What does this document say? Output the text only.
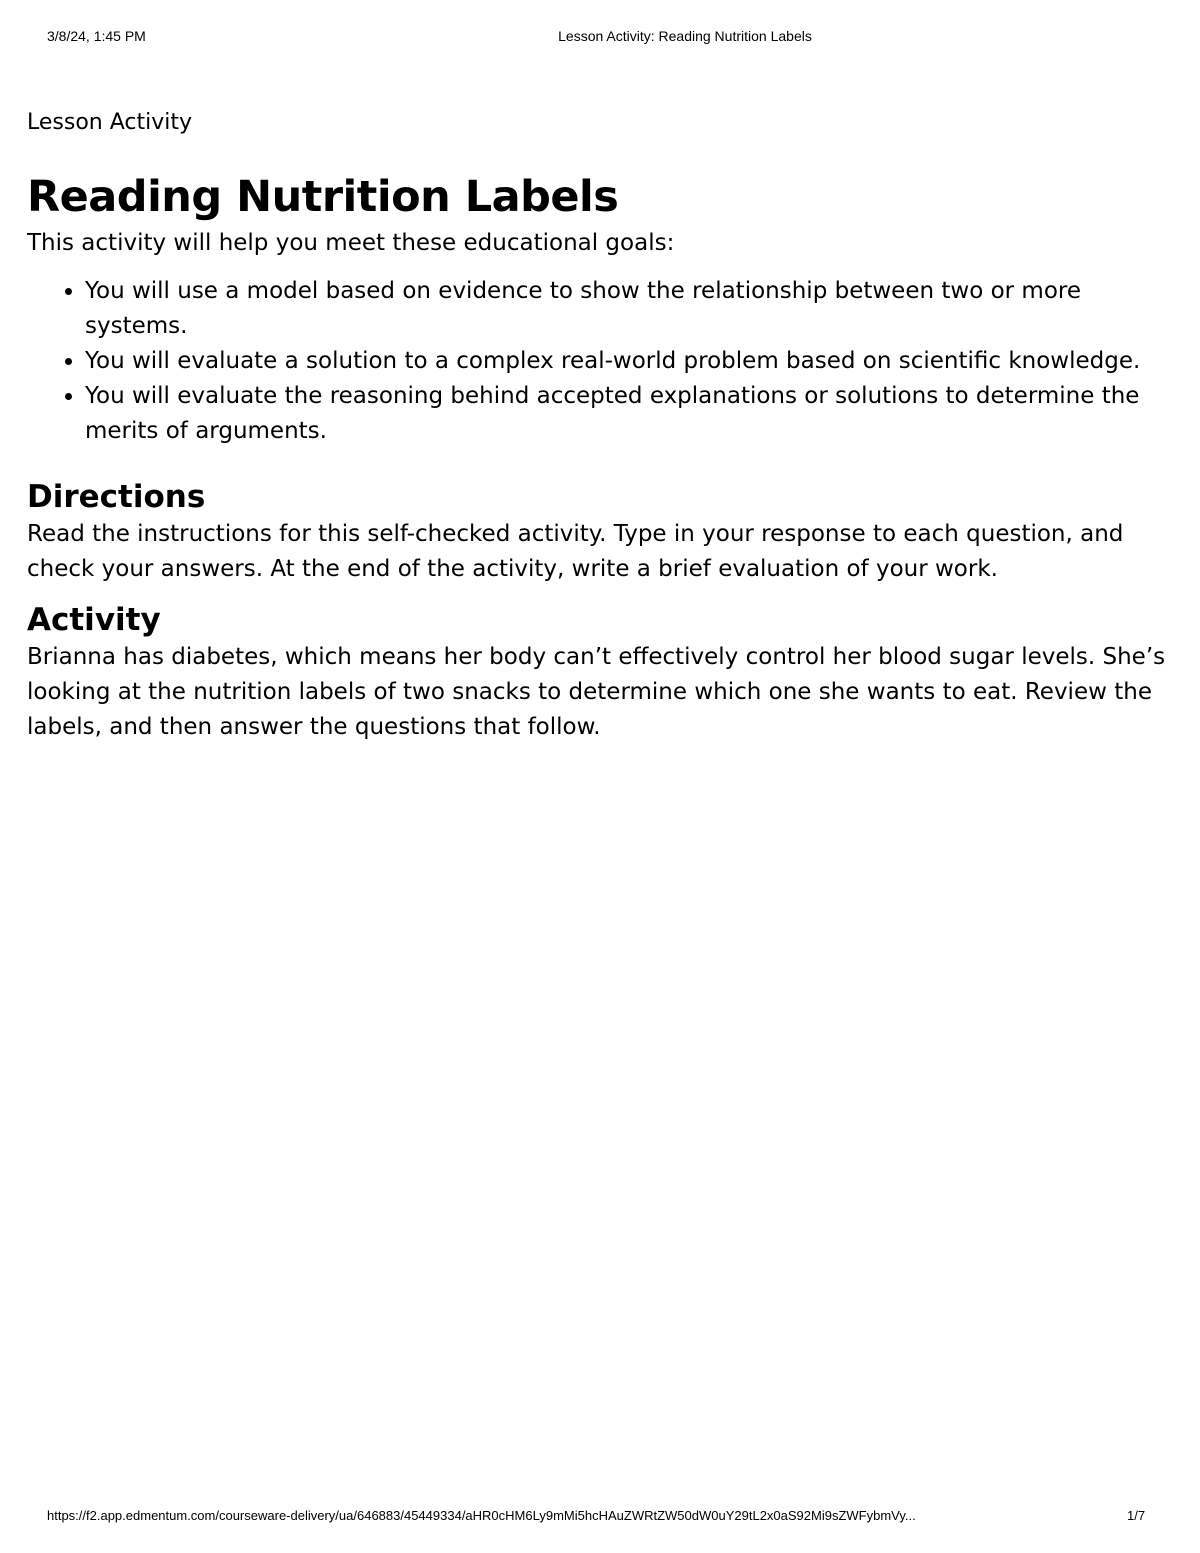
3/8/24, 1:45 PM	Lesson Activity: Reading Nutrition Labels

Lesson Activity

Reading Nutrition Labels

This activity will help you meet these educational goals:

• You will use a model based on evidence to show the relationship between two or more systems.
• You will evaluate a solution to a complex real-world problem based on scientific knowledge.
• You will evaluate the reasoning behind accepted explanations or solutions to determine the merits of arguments.
Directions

Read the instructions for this self-checked activity. Type in your response to each question, and check your answers. At the end of the activity, write a brief evaluation of your work.

Activity

Brianna has diabetes, which means her body can’t effectively control her blood sugar levels. She’s looking at the nutrition labels of two snacks to determine which one she wants to eat. Review the labels, and then answer the questions that follow.

https://f2.app.edmentum.com/courseware-delivery/ua/646883/45449334/aHR0cHM6Ly9mMi5hcHAuZWRtZW50dW0uY29tL2x0aS92Mi9sZWFybmVy...	1/7
